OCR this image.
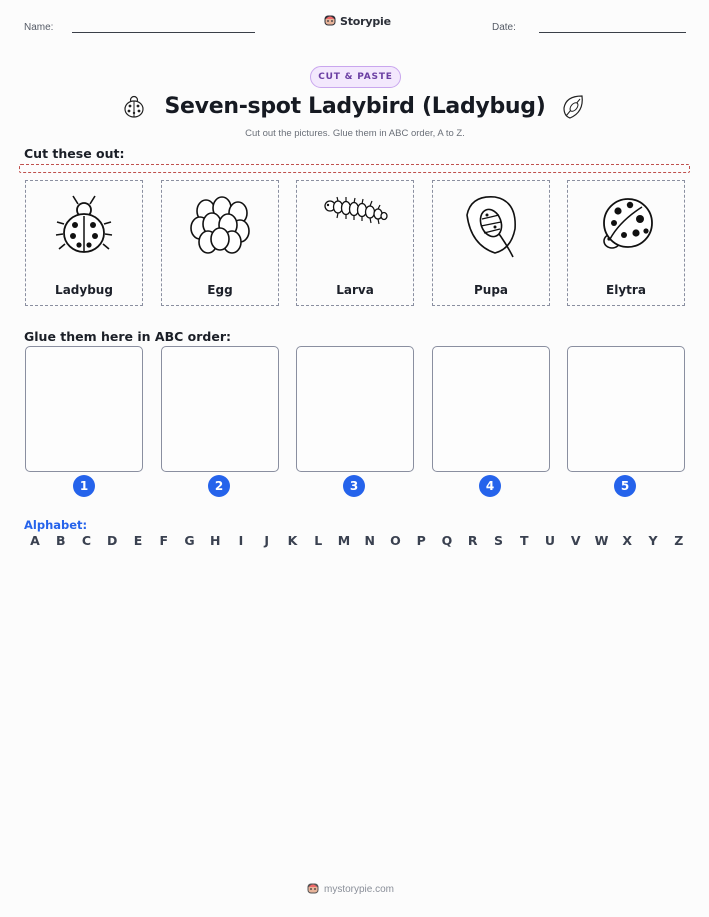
Name:	Storypie	Date:
CUT & PASTE
Seven-spot Ladybird (Ladybug)
Cut out the pictures. Glue them in ABC order, A to Z.
Cut these out:
Ladybug	Egg	Larva	Pupa	Elytra
Glue them here in ABC order:
1	2	3	4	5
Alphabet:
A B C D E F G H	I	J	K	L	M N O P Q R S T U V W X Y Z
mystorypie.com
